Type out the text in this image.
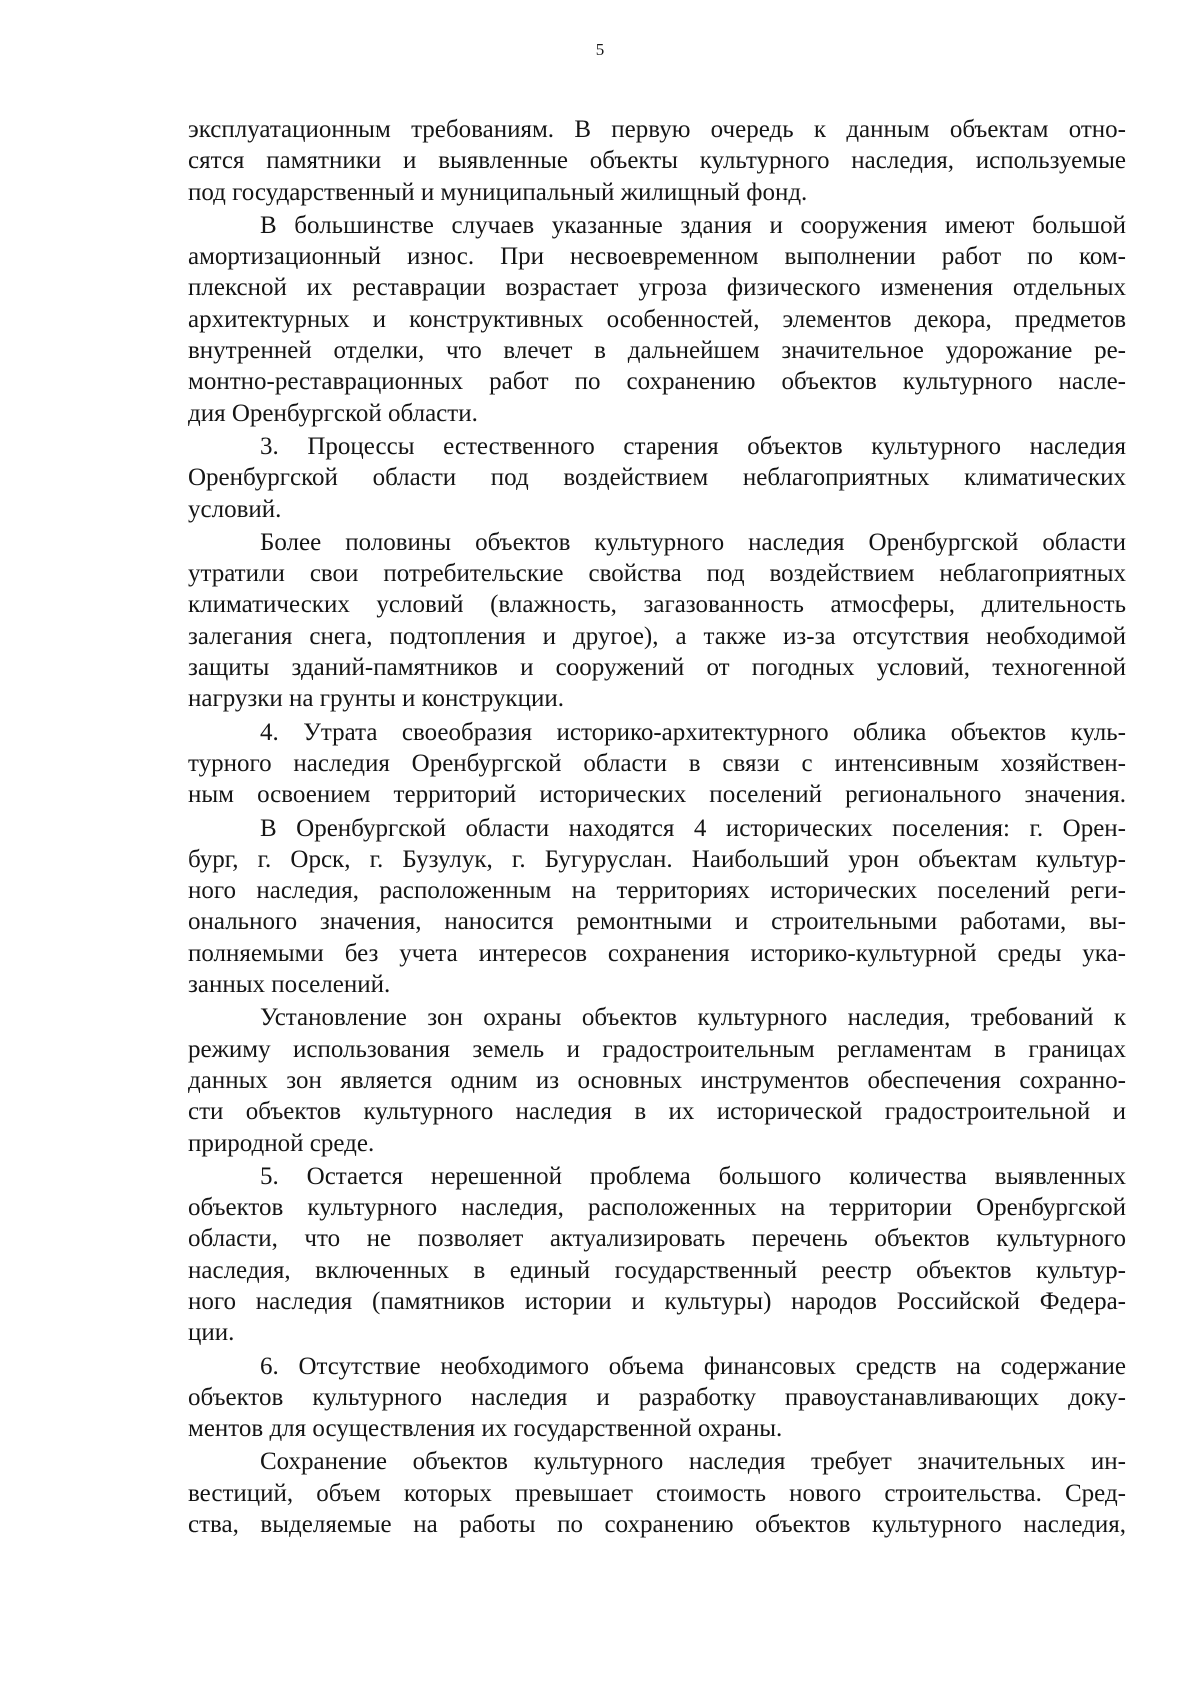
5
эксплуатационным требованиям. В первую очередь к данным объектам отно-
сятся памятники и выявленные объекты культурного наследия, используемые
под государственный и муниципальный жилищный фонд.
В большинстве случаев указанные здания и сооружения имеют большой
амортизационный износ. При несвоевременном выполнении работ по ком-
плексной их реставрации возрастает угроза физического изменения отдельных
архитектурных и конструктивных особенностей, элементов декора, предметов
внутренней отделки, что влечет в дальнейшем значительное удорожание ре-
монтно-реставрационных работ по сохранению объектов культурного насле-
дия Оренбургской области.
3. Процессы естественного старения объектов культурного наследия
Оренбургской области под воздействием неблагоприятных климатических
условий.
Более половины объектов культурного наследия Оренбургской области
утратили свои потребительские свойства под воздействием неблагоприятных
климатических условий (влажность, загазованность атмосферы, длительность
залегания снега, подтопления и другое), а также из-за отсутствия необходимой
защиты зданий-памятников и сооружений от погодных условий, техногенной
нагрузки на грунты и конструкции.
4. Утрата своеобразия историко-архитектурного облика объектов куль-
турного наследия Оренбургской области в связи с интенсивным хозяйствен-
ным освоением территорий исторических поселений регионального значения.
В Оренбургской области находятся 4 исторических поселения: г. Орен-
бург, г. Орск, г. Бузулук, г. Бугуруслан. Наибольший урон объектам культур-
ного наследия, расположенным на территориях исторических поселений реги-
онального значения, наносится ремонтными и строительными работами, вы-
полняемыми без учета интересов сохранения историко-культурной среды ука-
занных поселений.
Установление зон охраны объектов культурного наследия, требований к
режиму использования земель и градостроительным регламентам в границах
данных зон является одним из основных инструментов обеспечения сохранно-
сти объектов культурного наследия в их исторической градостроительной и
природной среде.
5. Остается нерешенной проблема большого количества выявленных
объектов культурного наследия, расположенных на территории Оренбургской
области, что не позволяет актуализировать перечень объектов культурного
наследия, включенных в единый государственный реестр объектов культур-
ного наследия (памятников истории и культуры) народов Российской Федера-
ции.
6. Отсутствие необходимого объема финансовых средств на содержание
объектов культурного наследия и разработку правоустанавливающих доку-
ментов для осуществления их государственной охраны.
Сохранение объектов культурного наследия требует значительных ин-
вестиций, объем которых превышает стоимость нового строительства. Сред-
ства, выделяемые на работы по сохранению объектов культурного наследия,
